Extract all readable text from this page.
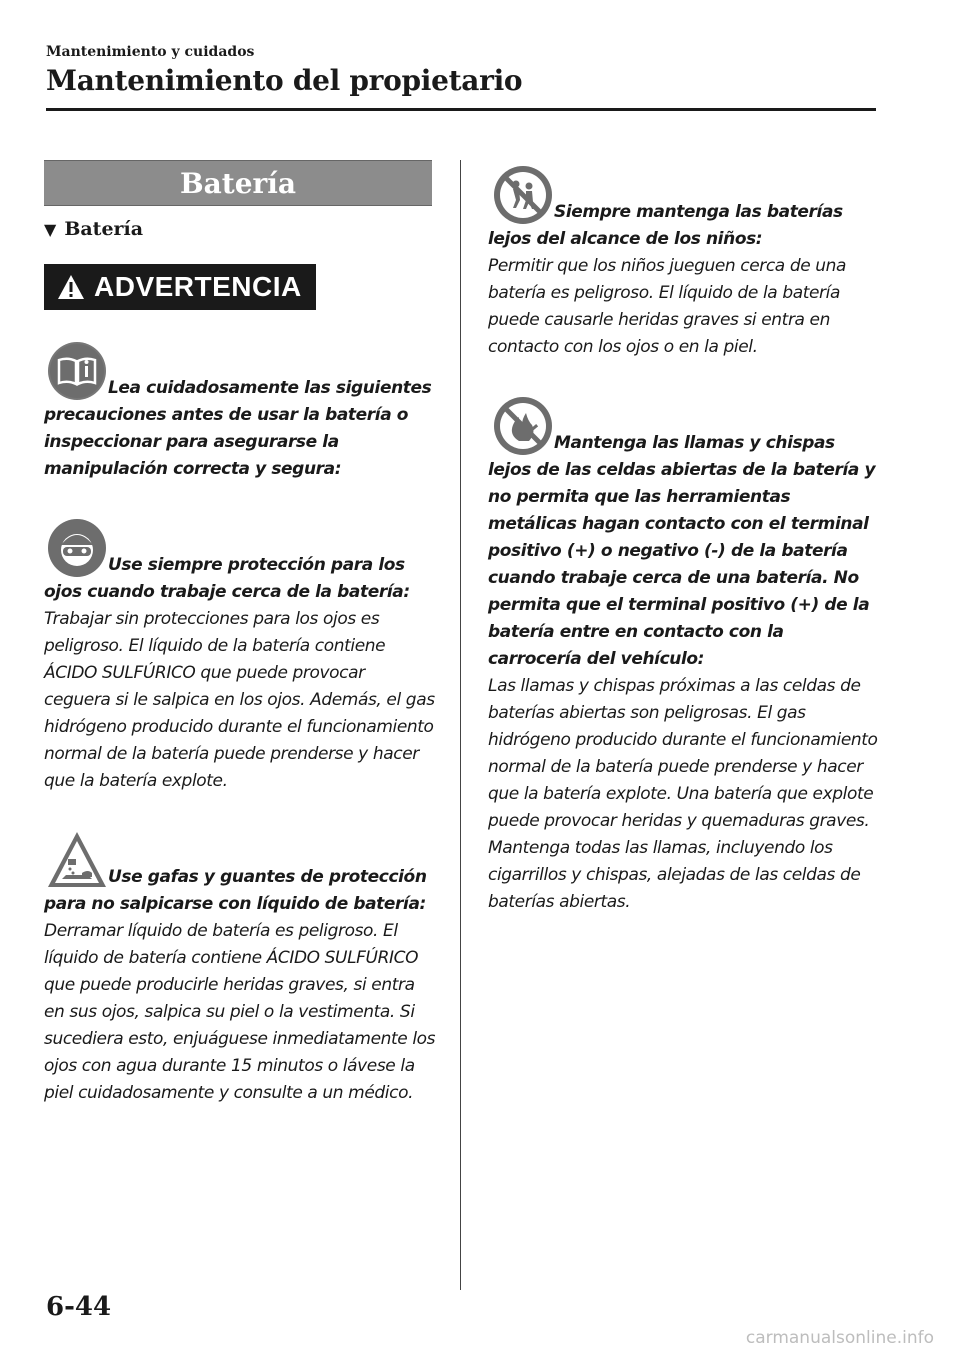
Mantenimiento y cuidados
Mantenimiento del propietario
Batería
▼ Batería
ADVERTENCIA

Lea cuidadosamente las siguientes precauciones antes de usar la batería o inspeccionar para asegurarse la manipulación correcta y segura:

Use siempre protección para los ojos cuando trabaje cerca de la batería:

Trabajar sin protecciones para los ojos es peligroso. El líquido de la batería contiene ÁCIDO SULFÚRICO que puede provocar ceguera si le salpica en los ojos. Además, el gas hidrógeno producido durante el funcionamiento normal de la batería puede prenderse y hacer que la batería explote.

Use gafas y guantes de protección para no salpicarse con líquido de batería:

Derramar líquido de batería es peligroso. El líquido de batería contiene ÁCIDO SULFÚRICO que puede producirle heridas graves, si entra en sus ojos, salpica su piel o la vestimenta. Si sucediera esto, enjuáguese inmediatamente los ojos con agua durante 15 minutos o lávese la piel cuidadosamente y consulte a un médico.

Siempre mantenga las baterías lejos del alcance de los niños:

Permitir que los niños jueguen cerca de una batería es peligroso. El líquido de la batería puede causarle heridas graves si entra en contacto con los ojos o en la piel.

Mantenga las llamas y chispas lejos de las celdas abiertas de la batería y no permita que las herramientas metálicas hagan contacto con el terminal positivo (+) o negativo (-) de la batería cuando trabaje cerca de una batería. No permita que el terminal positivo (+) de la batería entre en contacto con la carrocería del vehículo:

Las llamas y chispas próximas a las celdas de baterías abiertas son peligrosas. El gas hidrógeno producido durante el funcionamiento normal de la batería puede prenderse y hacer que la batería explote. Una batería que explote puede provocar heridas y quemaduras graves. Mantenga todas las llamas, incluyendo los cigarrillos y chispas, alejadas de las celdas de baterías abiertas.

6-44
carmanualsonline.info
